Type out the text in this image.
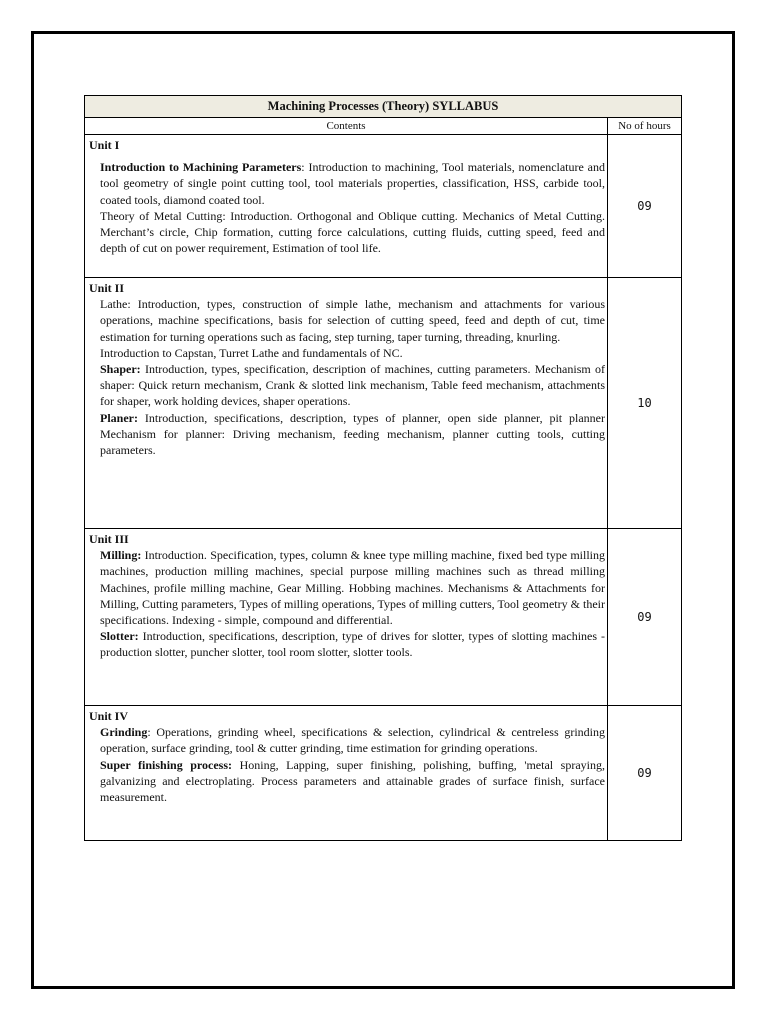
Machining Processes (Theory) SYLLABUS	
Contents	No of hours

Unit I

Introduction to Machining Parameters: Introduction to machining, Tool materials, nomenclature and tool geometry of single point cutting tool, tool materials properties, classification, HSS, carbide tool, coated tools, diamond coated tool.

Theory of Metal Cutting: Introduction. Orthogonal and Oblique cutting. Mechanics of Metal Cutting. Merchant’s circle, Chip formation, cutting force calculations, cutting fluids, cutting speed, feed and depth of cut on power requirement, Estimation of tool life.	09

Unit II

Lathe: Introduction, types, construction of simple lathe, mechanism and attachments for various operations, machine specifications, basis for selection of cutting speed, feed and depth of cut, time estimation for turning operations such as facing, step turning, taper turning, threading, knurling.

Introduction to Capstan, Turret Lathe and fundamentals of NC.

Shaper: Introduction, types, specification, description of machines, cutting parameters. Mechanism of shaper: Quick return mechanism, Crank & slotted link mechanism, Table feed mechanism, attachments for shaper, work holding devices, shaper operations.

Planer: Introduction, specifications, description, types of planner, open side planner, pit planner Mechanism for planner: Driving mechanism, feeding mechanism, planner cutting tools, cutting parameters.	10

Unit III

Milling: Introduction. Specification, types, column & knee type milling machine, fixed bed type milling machines, production milling machines, special purpose milling machines such as thread milling Machines, profile milling machine, Gear Milling. Hobbing machines. Mechanisms & Attachments for Milling, Cutting parameters, Types of milling operations, Types of milling cutters, Tool geometry & their specifications. Indexing - simple, compound and differential.

Slotter: Introduction, specifications, description, type of drives for slotter, types of slotting machines -production slotter, puncher slotter, tool room slotter, slotter tools.	09

Unit IV

Grinding: Operations, grinding wheel, specifications & selection, cylindrical & centreless grinding operation, surface grinding, tool & cutter grinding, time estimation for grinding operations.

Super finishing process: Honing, Lapping, super finishing, polishing, buffing, 'metal spraying, galvanizing and electroplating. Process parameters and attainable grades of surface finish, surface measurement.	09
